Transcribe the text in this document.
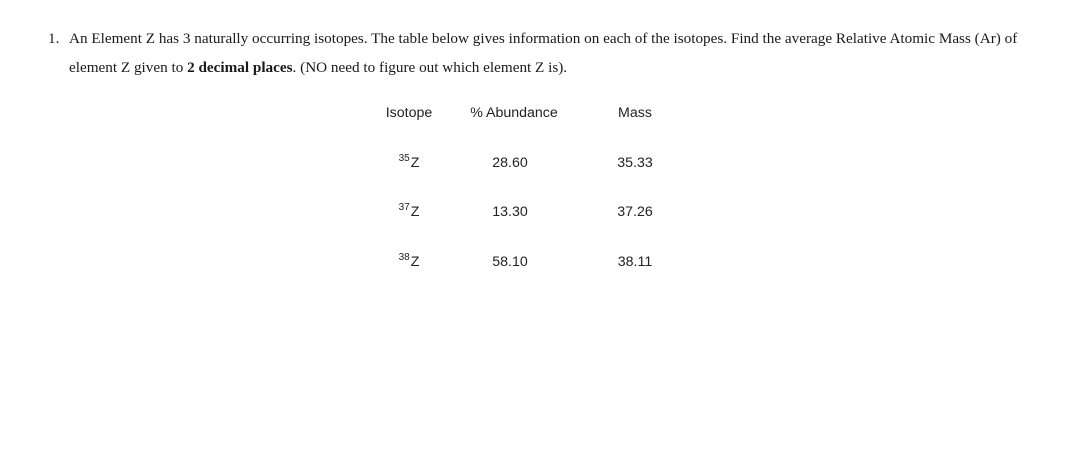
1. An Element Z has 3 naturally occurring isotopes. The table below gives information on each of the isotopes. Find the average Relative Atomic Mass (Ar) of element Z given to 2 decimal places. (NO need to figure out which element Z is).
Isotope	% Abundance	Mass
$^{35}$Z	28.60	35.33
$^{37}$Z	13.30	37.26
$^{38}$Z	58.10	38.11
